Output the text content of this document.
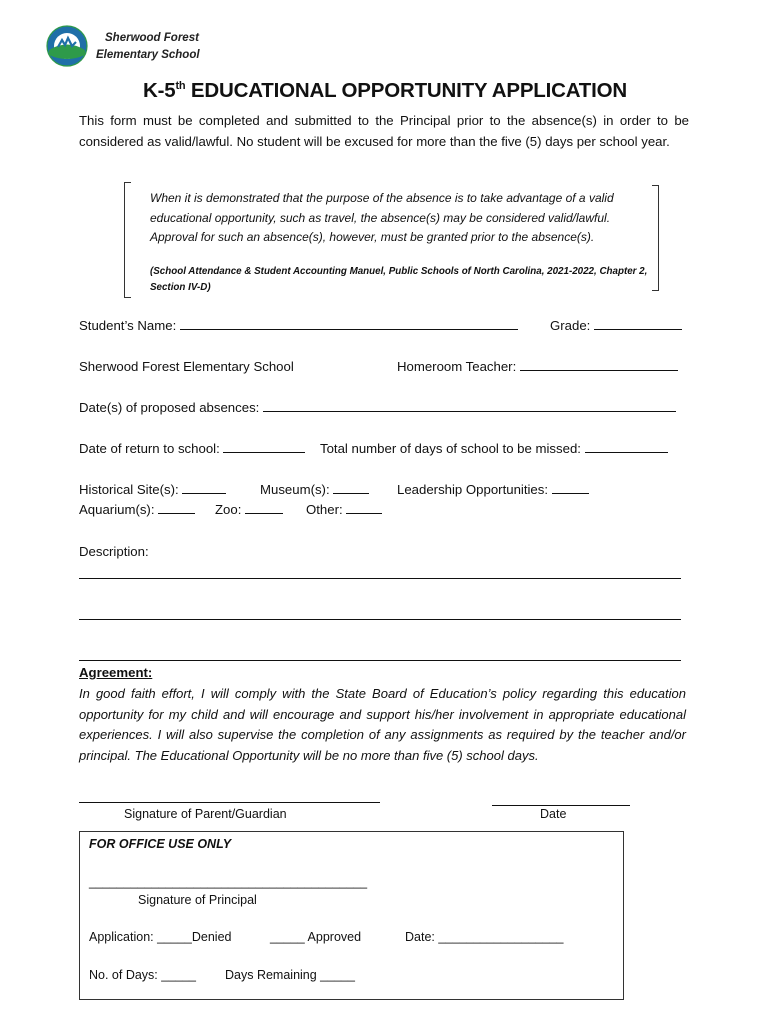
Sherwood Forest
Elementary School
K-5th EDUCATIONAL OPPORTUNITY APPLICATION
This form must be completed and submitted to the Principal prior to the absence(s) in order to be considered as valid/lawful. No student will be excused for more than the five (5) days per school year.
When it is demonstrated that the purpose of the absence is to take advantage of a valid educational opportunity, such as travel, the absence(s) may be considered valid/lawful. Approval for such an absence(s), however, must be granted prior to the absence(s).
(School Attendance & Student Accounting Manuel, Public Schools of North Carolina, 2021-2022, Chapter 2, Section IV-D)
Student’s Name:	Grade:
Sherwood Forest Elementary School	Homeroom Teacher:
Date(s) of proposed absences:
Date of return to school:	Total number of days of school to be missed:
Historical Site(s):	Museum(s):	Leadership Opportunities:
Aquarium(s):	Zoo:	Other:
Description:
Agreement:
In good faith effort, I will comply with the State Board of Education’s policy regarding this education opportunity for my child and will encourage and support his/her involvement in appropriate educational experiences. I will also supervise the completion of any assignments as required by the teacher and/or principal. The Educational Opportunity will be no more than five (5) school days.
Signature of Parent/Guardian	Date
FOR OFFICE USE ONLY
________________________________________
Signature of Principal
Application: _____Denied	_____ Approved	Date: __________________
No. of Days: _____ Days Remaining _____
